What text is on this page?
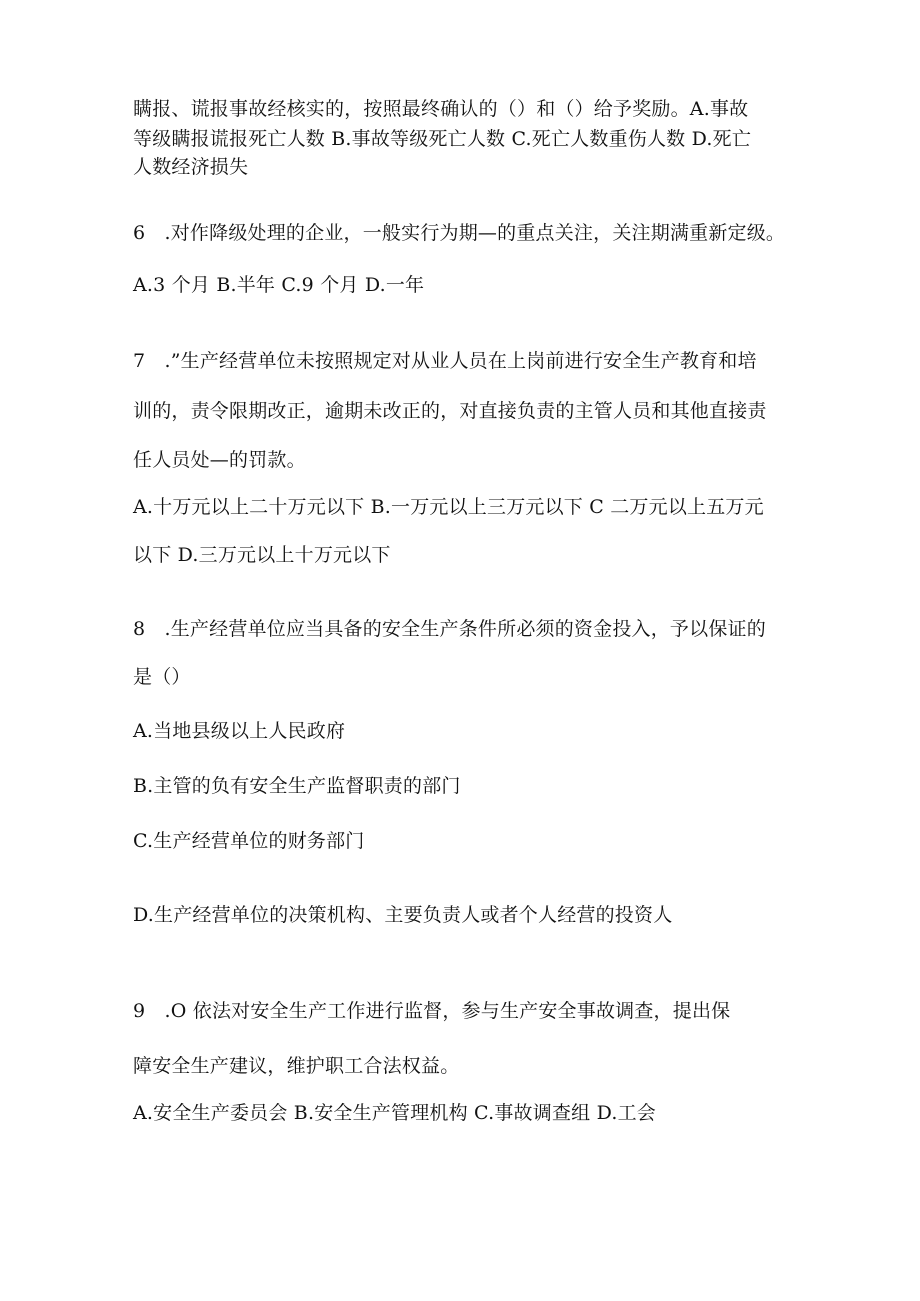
瞒报、谎报事故经核实的，按照最终确认的（）和（）给予奖励。A.事故
等级瞒报谎报死亡人数 B.事故等级死亡人数 C.死亡人数重伤人数 D.死亡
人数经济损失
6　.对作降级处理的企业，一般实行为期—的重点关注，关注期满重新定级。
A.3 个月 B.半年 C.9 个月 D.一年
7　.”生产经营单位未按照规定对从业人员在上岗前进行安全生产教育和培
训的，责令限期改正，逾期未改正的，对直接负责的主管人员和其他直接责
任人员处—的罚款。
A.十万元以上二十万元以下 B.一万元以上三万元以下 C 二万元以上五万元
以下 D.三万元以上十万元以下
8　.生产经营单位应当具备的安全生产条件所必须的资金投入，予以保证的
是（）
A.当地县级以上人民政府
B.主管的负有安全生产监督职责的部门
C.生产经营单位的财务部门
D.生产经营单位的决策机构、主要负责人或者个人经营的投资人
9　.O 依法对安全生产工作进行监督，参与生产安全事故调查，提出保
障安全生产建议，维护职工合法权益。
A.安全生产委员会 B.安全生产管理机构 C.事故调查组 D.工会
